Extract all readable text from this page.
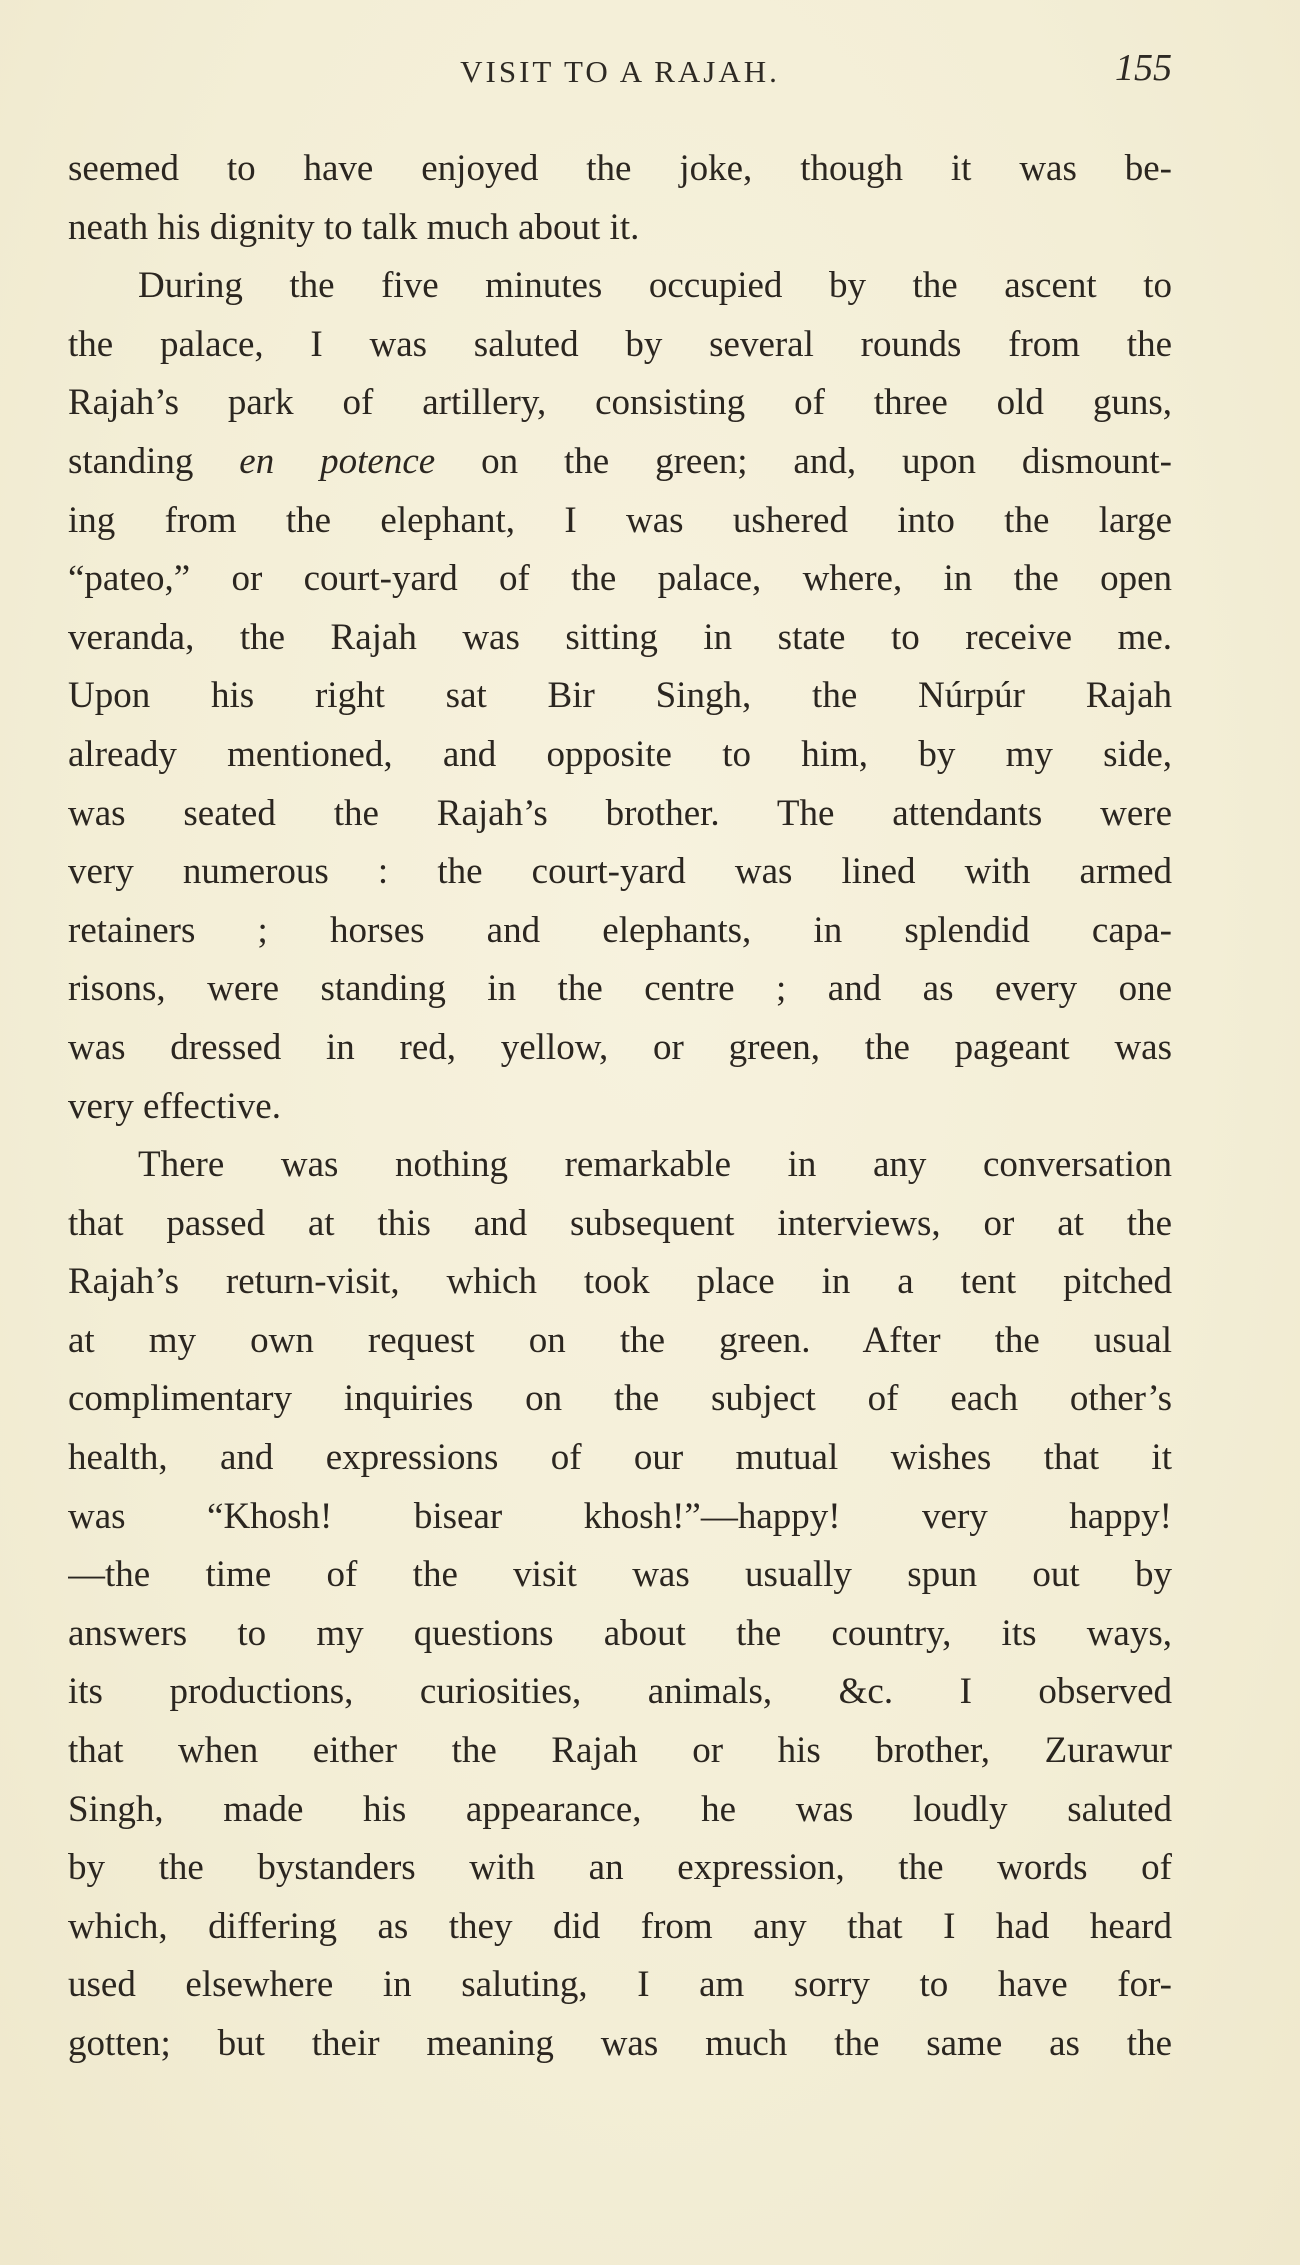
VISIT TO A RAJAH.	155
seemed to have enjoyed the joke, though it was be-
neath his dignity to talk much about it.
During the five minutes occupied by the ascent to
the palace, I was saluted by several rounds from the
Rajah’s park of artillery, consisting of three old guns,
standing en potence on the green; and, upon dismount-
ing from the elephant, I was ushered into the large
“pateo,” or court-yard of the palace, where, in the open
veranda, the Rajah was sitting in state to receive me.
Upon his right sat Bir Singh, the Núrpúr Rajah
already mentioned, and opposite to him, by my side,
was seated the Rajah’s brother. The attendants were
very numerous : the court-yard was lined with armed
retainers ; horses and elephants, in splendid capa-
risons, were standing in the centre ; and as every one
was dressed in red, yellow, or green, the pageant was
very effective.
There was nothing remarkable in any conversation
that passed at this and subsequent interviews, or at the
Rajah’s return-visit, which took place in a tent pitched
at my own request on the green. After the usual
complimentary inquiries on the subject of each other’s
health, and expressions of our mutual wishes that it
was “Khosh! bisear khosh!”—happy! very happy!
—the time of the visit was usually spun out by
answers to my questions about the country, its ways,
its productions, curiosities, animals, &c. I observed
that when either the Rajah or his brother, Zurawur
Singh, made his appearance, he was loudly saluted
by the bystanders with an expression, the words of
which, differing as they did from any that I had heard
used elsewhere in saluting, I am sorry to have for-
gotten; but their meaning was much the same as the
